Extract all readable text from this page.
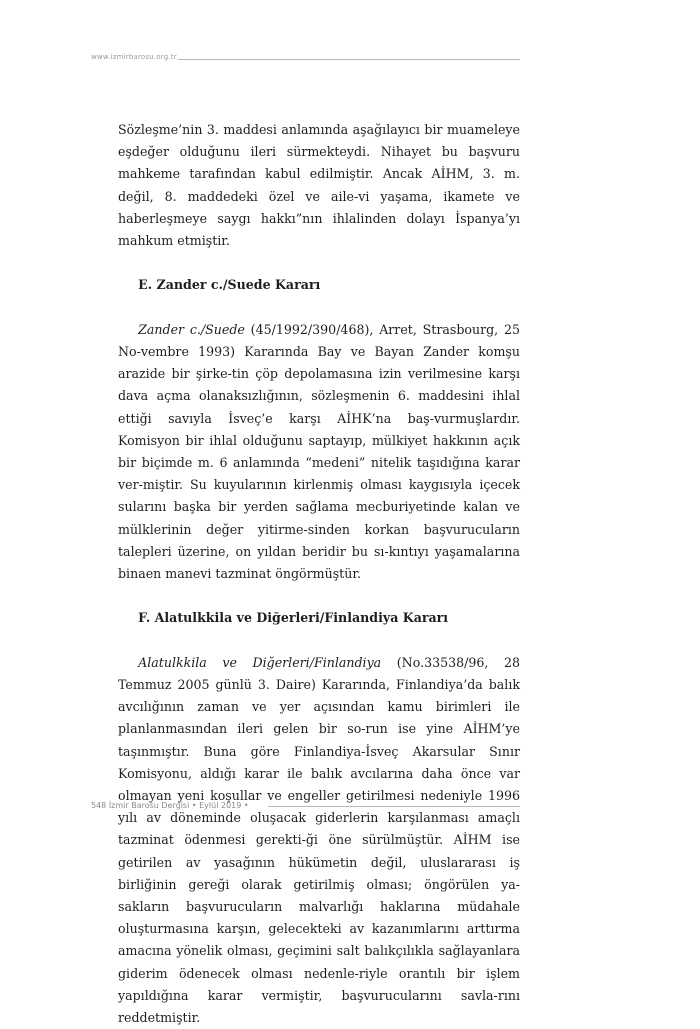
www.izmirbarosu.org.tr

Sözleşme’nin 3. maddesi anlamında aşağılayıcı bir muameleye eşdeğer olduğunu ileri sürmekteydi. Nihayet bu başvuru mahkeme tarafından kabul edilmiştir. Ancak AİHM, 3. m. değil, 8. maddedeki özel ve aile-vi yaşama, ikamete ve haberleşmeye saygı hakkı”nın ihlalinden dolayı İspanya’yı mahkum etmiştir.

E. Zander c./Suede Kararı

Zander c./Suede (45/1992/390/468), Arret, Strasbourg, 25 No-vembre 1993) Kararında Bay ve Bayan Zander komşu arazide bir şirke-tin çöp depolamasına izin verilmesine karşı dava açma olanaksızlığının, sözleşmenin 6. maddesini ihlal ettiği savıyla İsveç’e karşı AİHK’na baş-vurmuşlardır. Komisyon bir ihlal olduğunu saptayıp, mülkiyet hakkının açık bir biçimde m. 6 anlamında “medeni” nitelik taşıdığına karar ver-miştir. Su kuyularının kirlenmiş olması kaygısıyla içecek sularını başka bir yerden sağlama mecburiyetinde kalan ve mülklerinin değer yitirme-sinden korkan başvurucuların talepleri üzerine, on yıldan beridir bu sı-kıntıyı yaşamalarına binaen manevi tazminat öngörmüştür.

F. Alatulkkila ve Diğerleri/Finlandiya Kararı

Alatulkkila ve Diğerleri/Finlandiya (No.33538/96, 28 Temmuz 2005 günlü 3. Daire) Kararında, Finlandiya’da balık avcılığının zaman ve yer açısından kamu birimleri ile planlanmasından ileri gelen bir so-run ise yine AİHM’ye taşınmıştır. Buna göre Finlandiya-İsveç Akarsular Sınır Komisyonu, aldığı karar ile balık avcılarına daha önce var olmayan yeni koşullar ve engeller getirilmesi nedeniyle 1996 yılı av döneminde oluşacak giderlerin karşılanması amaçlı tazminat ödenmesi gerekti-ği öne sürülmüştür. AİHM ise getirilen av yasağının hükümetin değil, uluslararası iş birliğinin gereği olarak getirilmiş olması; öngörülen ya-sakların başvurucuların malvarlığı haklarına müdahale oluşturmasına karşın, gelecekteki av kazanımlarını arttırma amacına yönelik olması, geçimini salt balıkçılıkla sağlayanlara giderim ödenecek olması nedenle-riyle orantılı bir işlem yapıldığına karar vermiştir, başvurucularını savla-rını reddetmiştir.

548 İzmir Barosu Dergisi • Eylül 2019 •
